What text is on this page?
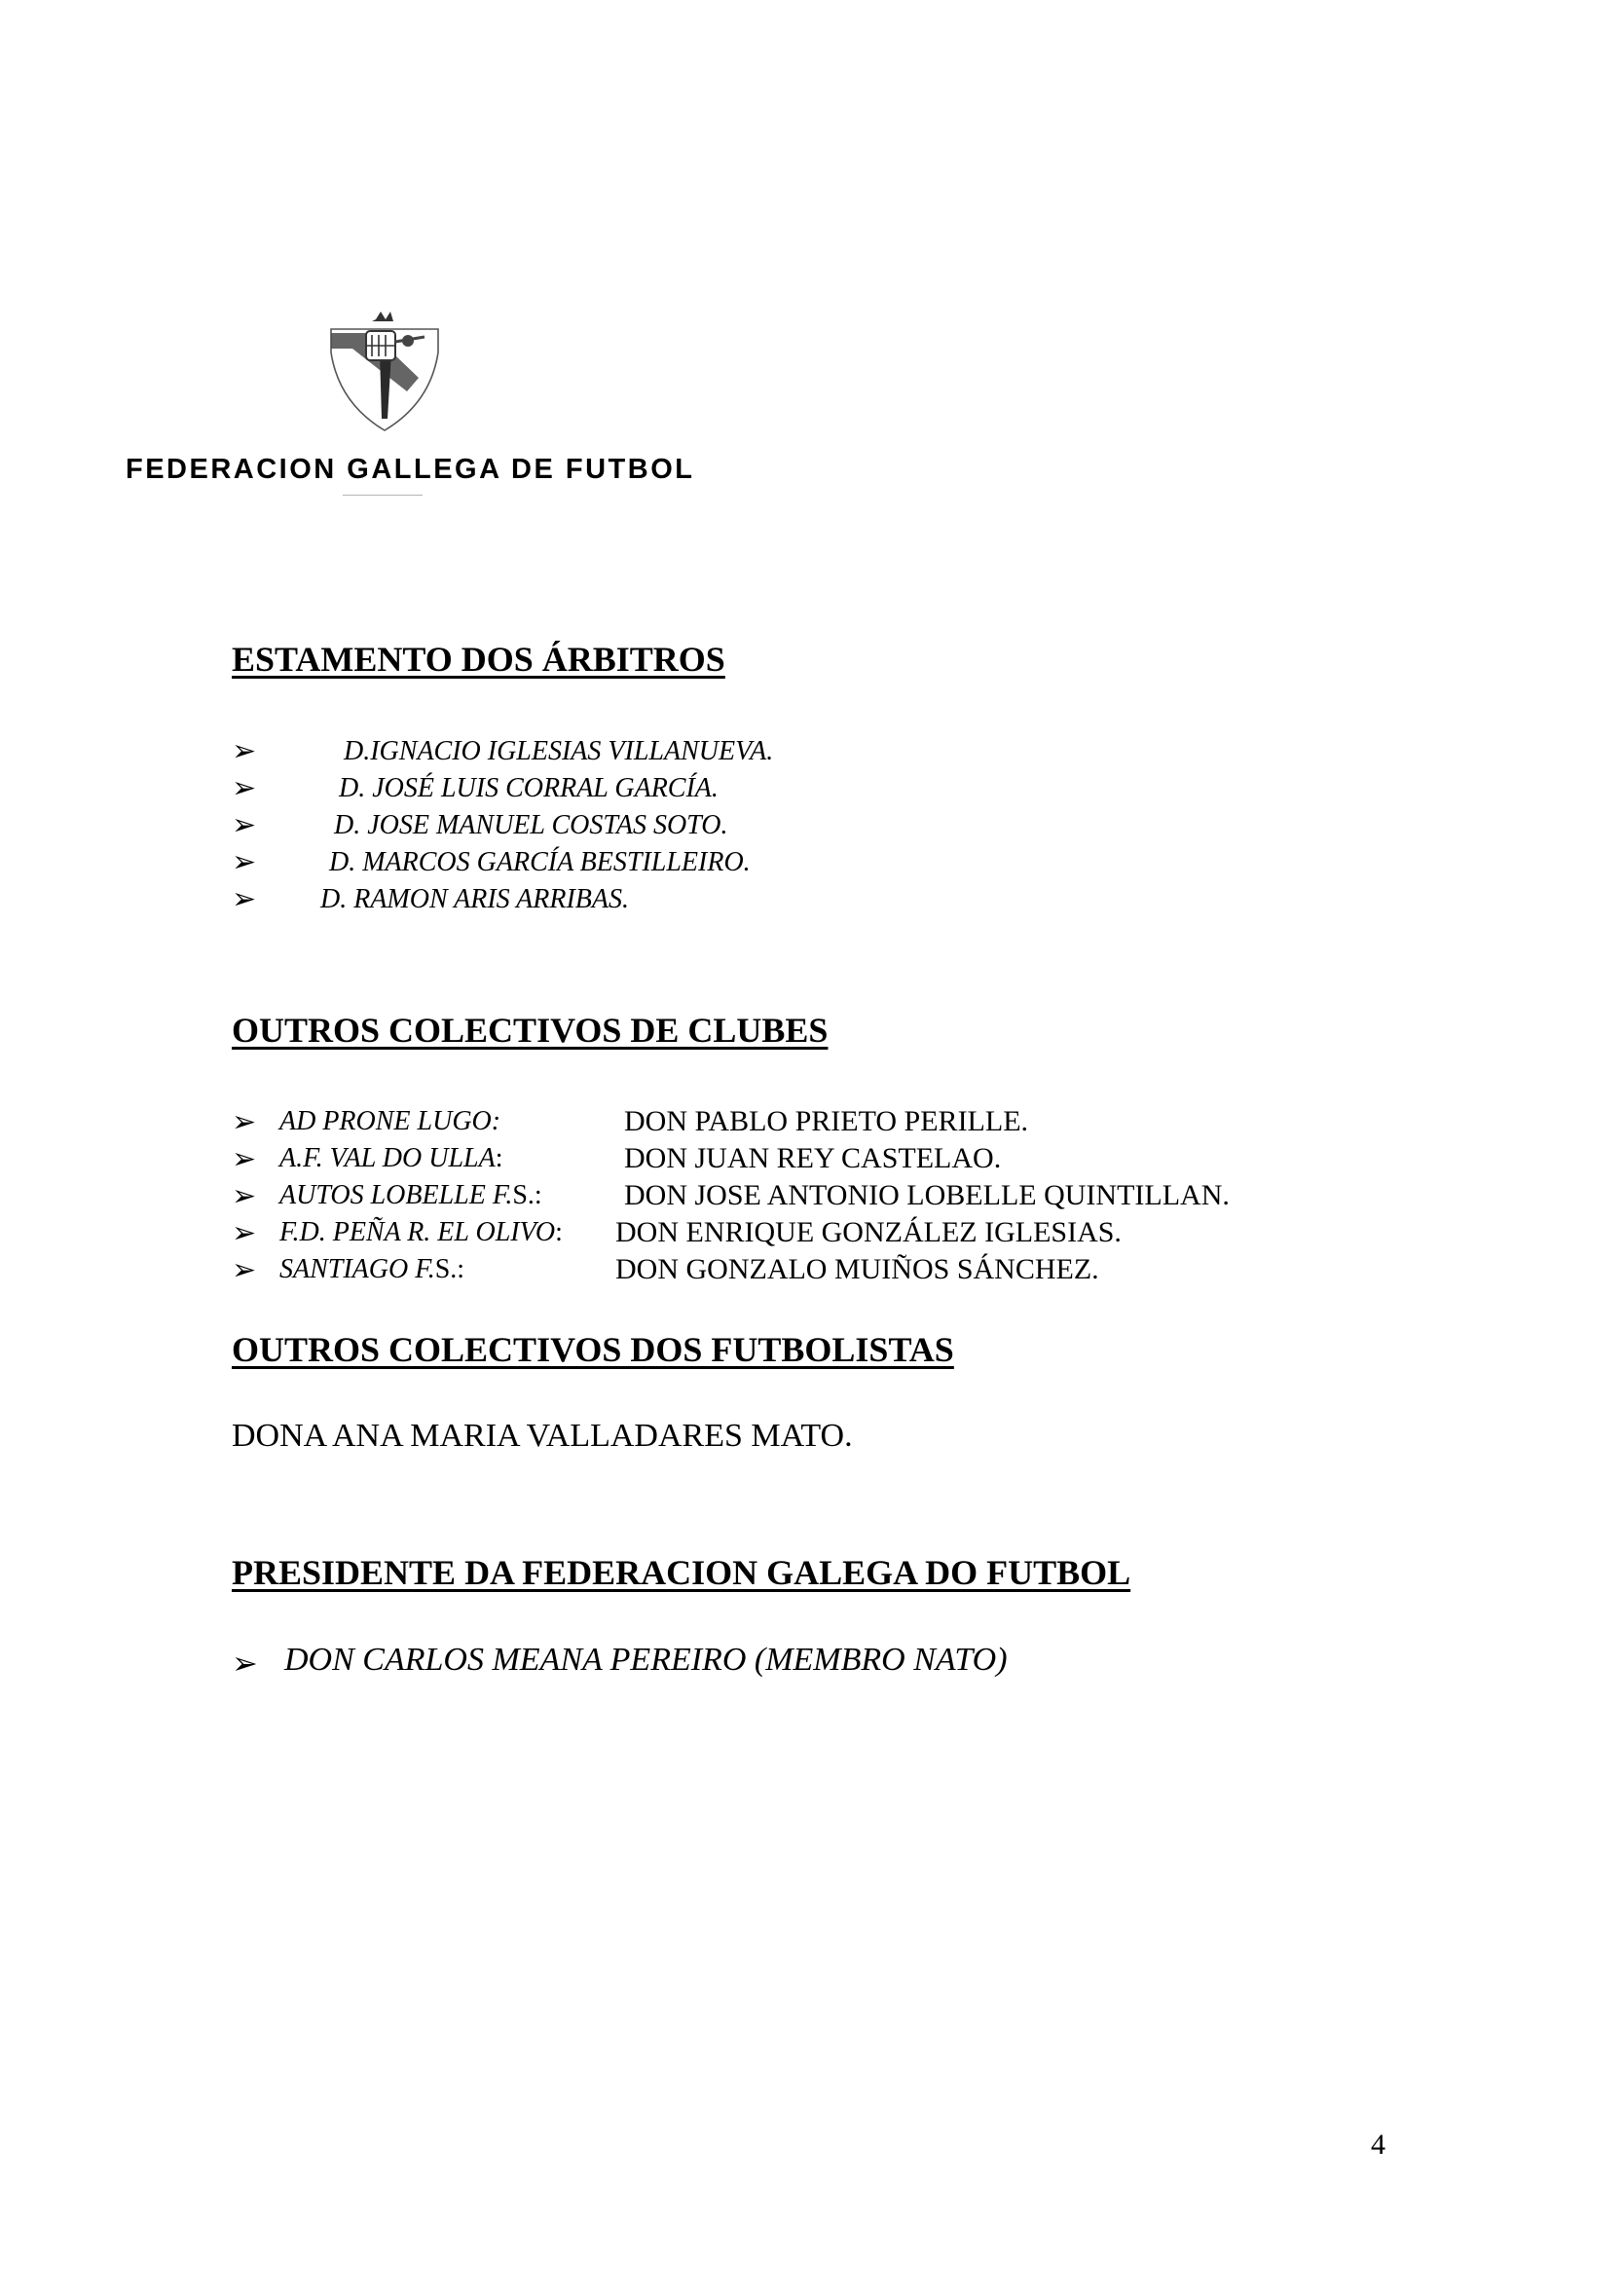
FEDERACION GALLEGA DE FUTBOL
ESTAMENTO DOS ÁRBITROS
➢	D.IGNACIO IGLESIAS VILLANUEVA.
➢	D. JOSÉ LUIS CORRAL GARCÍA.
➢	D. JOSE MANUEL COSTAS SOTO.
➢	D. MARCOS GARCÍA BESTILLEIRO.
➢ D. RAMON ARIS ARRIBAS.
OUTROS COLECTIVOS DE CLUBES
➢ AD PRONE LUGO:	DON PABLO PRIETO PERILLE.
➢ A.F. VAL DO ULLA:	DON JUAN REY CASTELAO.
➢ AUTOS LOBELLE F.S.:	DON JOSE ANTONIO LOBELLE QUINTILLAN.
➢ F.D. PEÑA R. EL OLIVO: DON ENRIQUE GONZÁLEZ IGLESIAS.
➢ SANTIAGO F.S.:	DON GONZALO MUIÑOS SÁNCHEZ.
OUTROS COLECTIVOS DOS FUTBOLISTAS
DONA ANA MARIA VALLADARES MATO.
PRESIDENTE DA FEDERACION GALEGA DO FUTBOL
➢ DON CARLOS MEANA PEREIRO (MEMBRO NATO)
4
